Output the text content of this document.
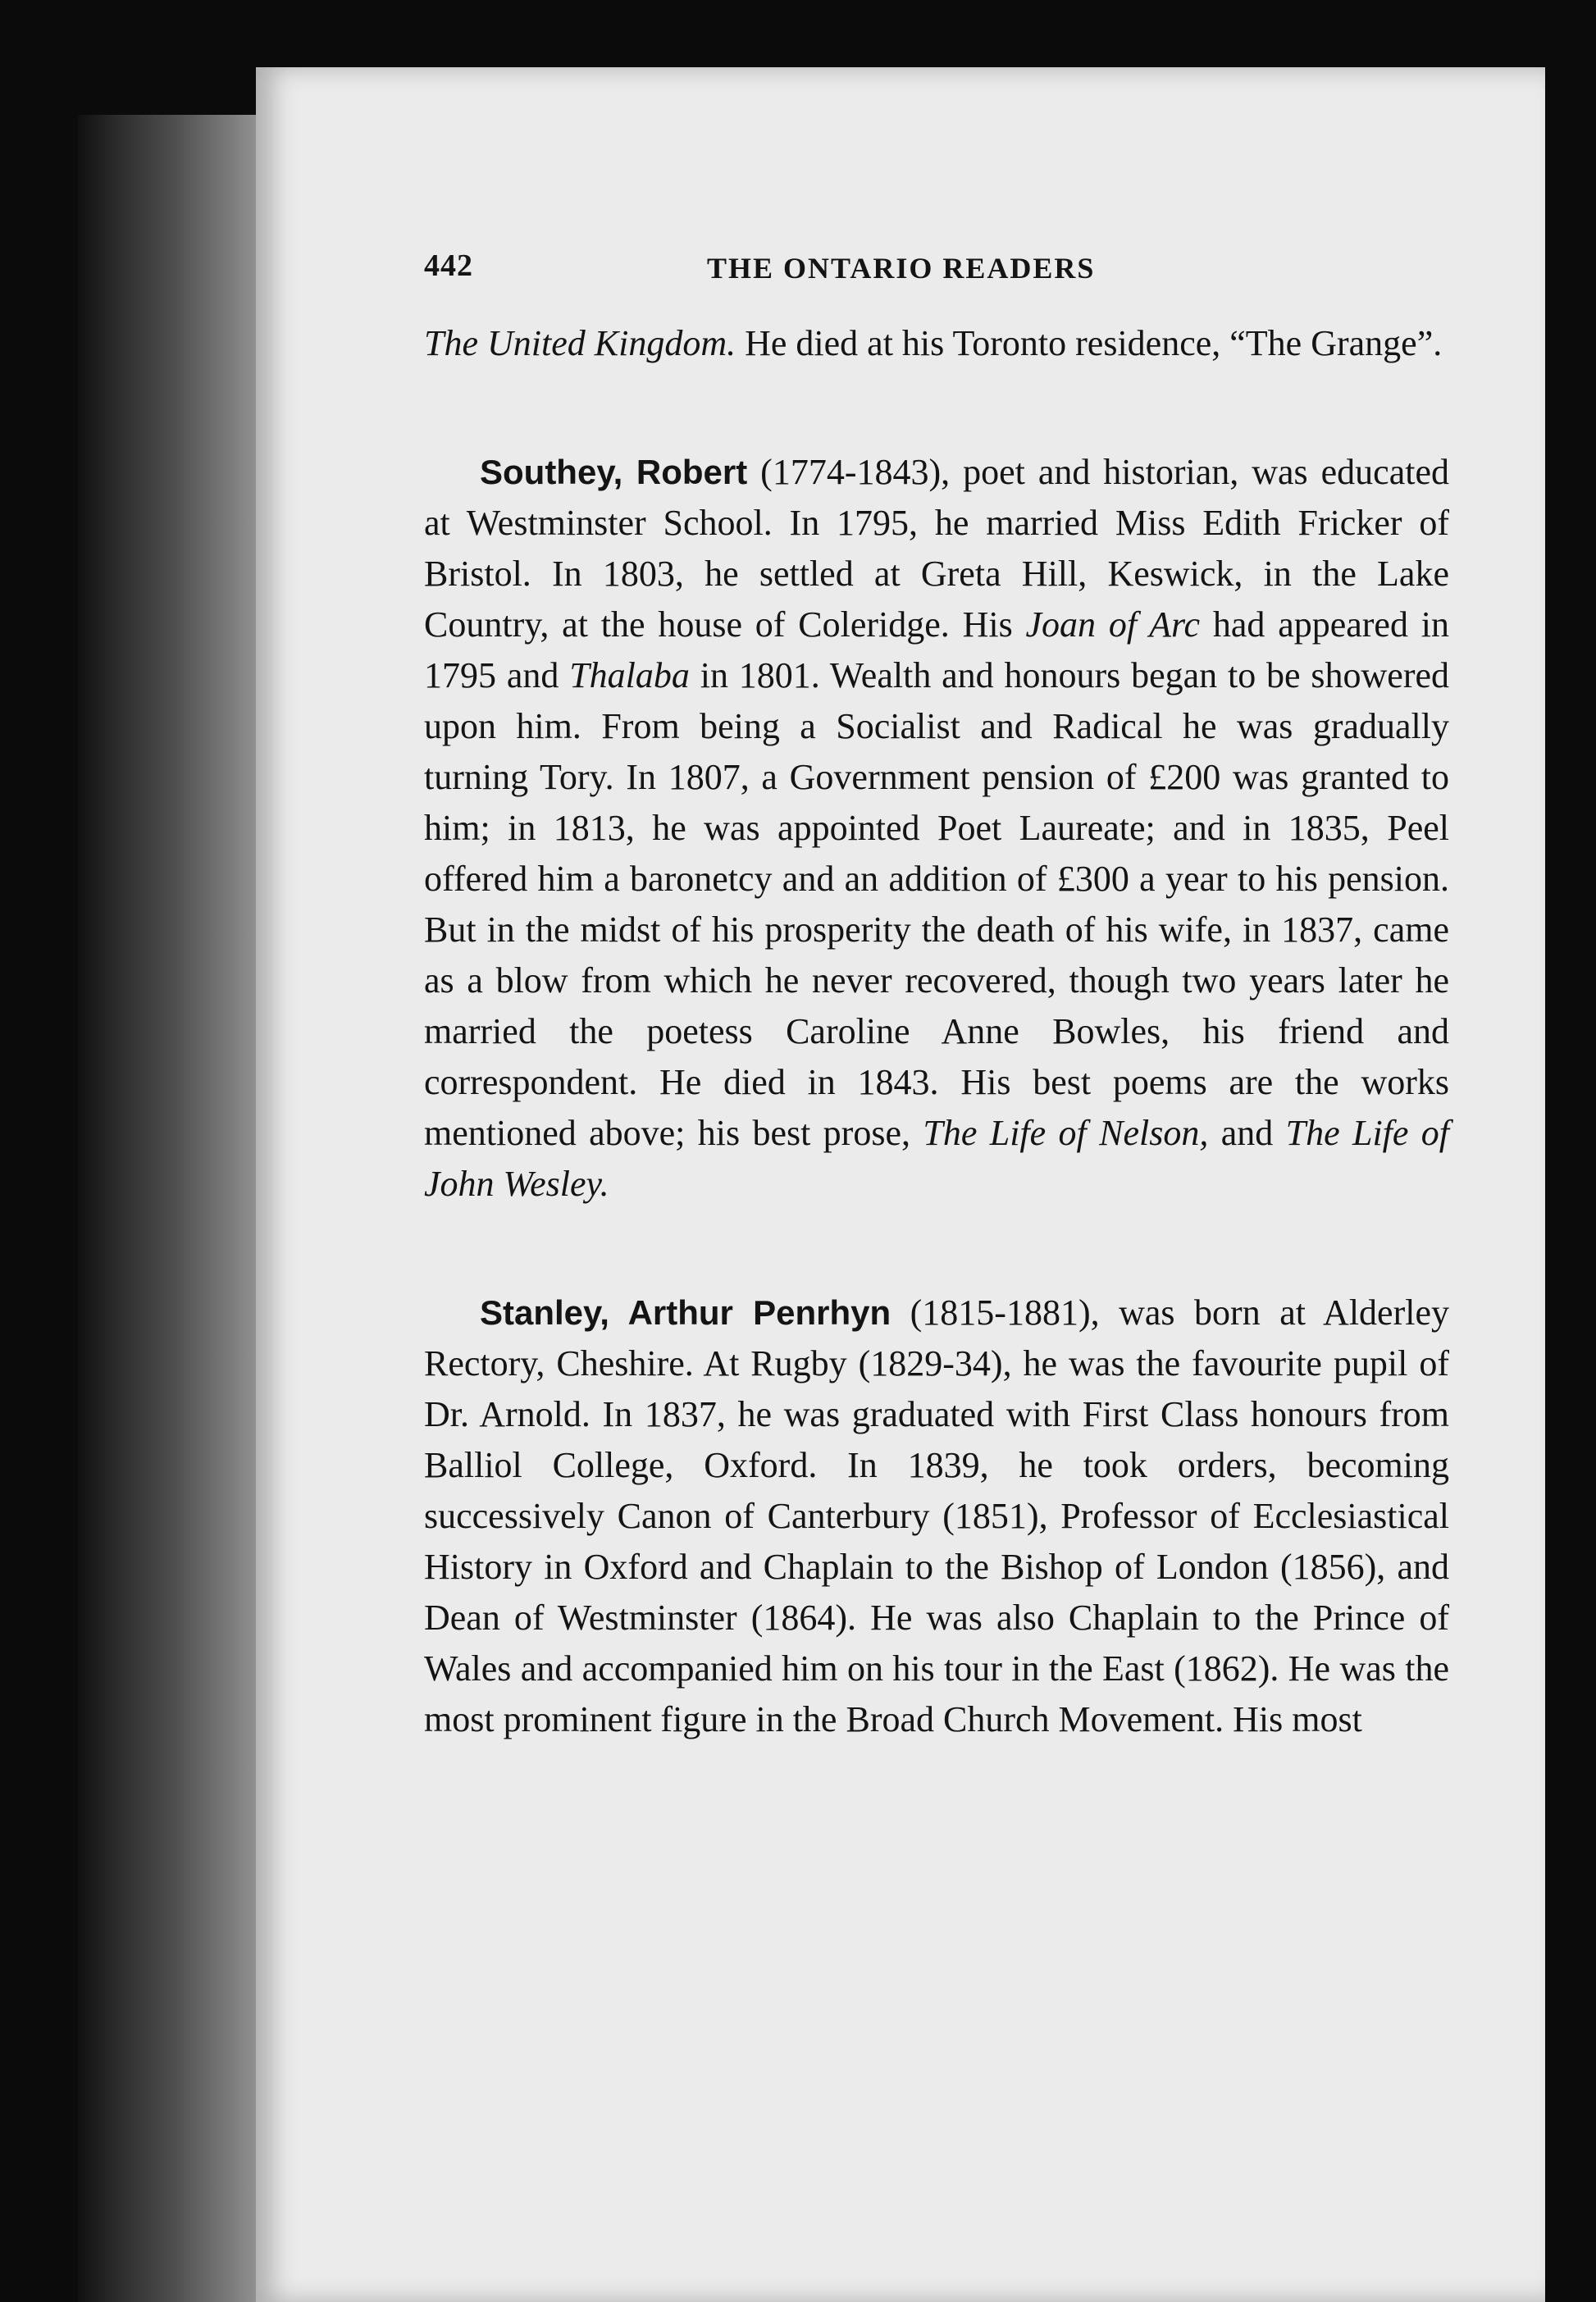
442	THE ONTARIO READERS

The United Kingdom. He died at his Toronto residence, “The Grange”.

Southey, Robert (1774-1843), poet and historian, was educated at Westminster School. In 1795, he married Miss Edith Fricker of Bristol. In 1803, he settled at Greta Hill, Keswick, in the Lake Country, at the house of Coleridge. His Joan of Arc had appeared in 1795 and Thalaba in 1801. Wealth and honours began to be showered upon him. From being a Socialist and Radical he was gradually turning Tory. In 1807, a Government pension of £200 was granted to him; in 1813, he was appointed Poet Laureate; and in 1835, Peel offered him a baronetcy and an addition of £300 a year to his pension. But in the midst of his prosperity the death of his wife, in 1837, came as a blow from which he never recovered, though two years later he married the poetess Caroline Anne Bowles, his friend and correspondent. He died in 1843. His best poems are the works mentioned above; his best prose, The Life of Nelson, and The Life of John Wesley.

Stanley, Arthur Penrhyn (1815-1881), was born at Alderley Rectory, Cheshire. At Rugby (1829-34), he was the favourite pupil of Dr. Arnold. In 1837, he was graduated with First Class honours from Balliol College, Oxford. In 1839, he took orders, becoming successively Canon of Canterbury (1851), Professor of Ecclesiastical History in Oxford and Chaplain to the Bishop of London (1856), and Dean of Westminster (1864). He was also Chaplain to the Prince of Wales and accompanied him on his tour in the East (1862). He was the most prominent figure in the Broad Church Movement. His most
